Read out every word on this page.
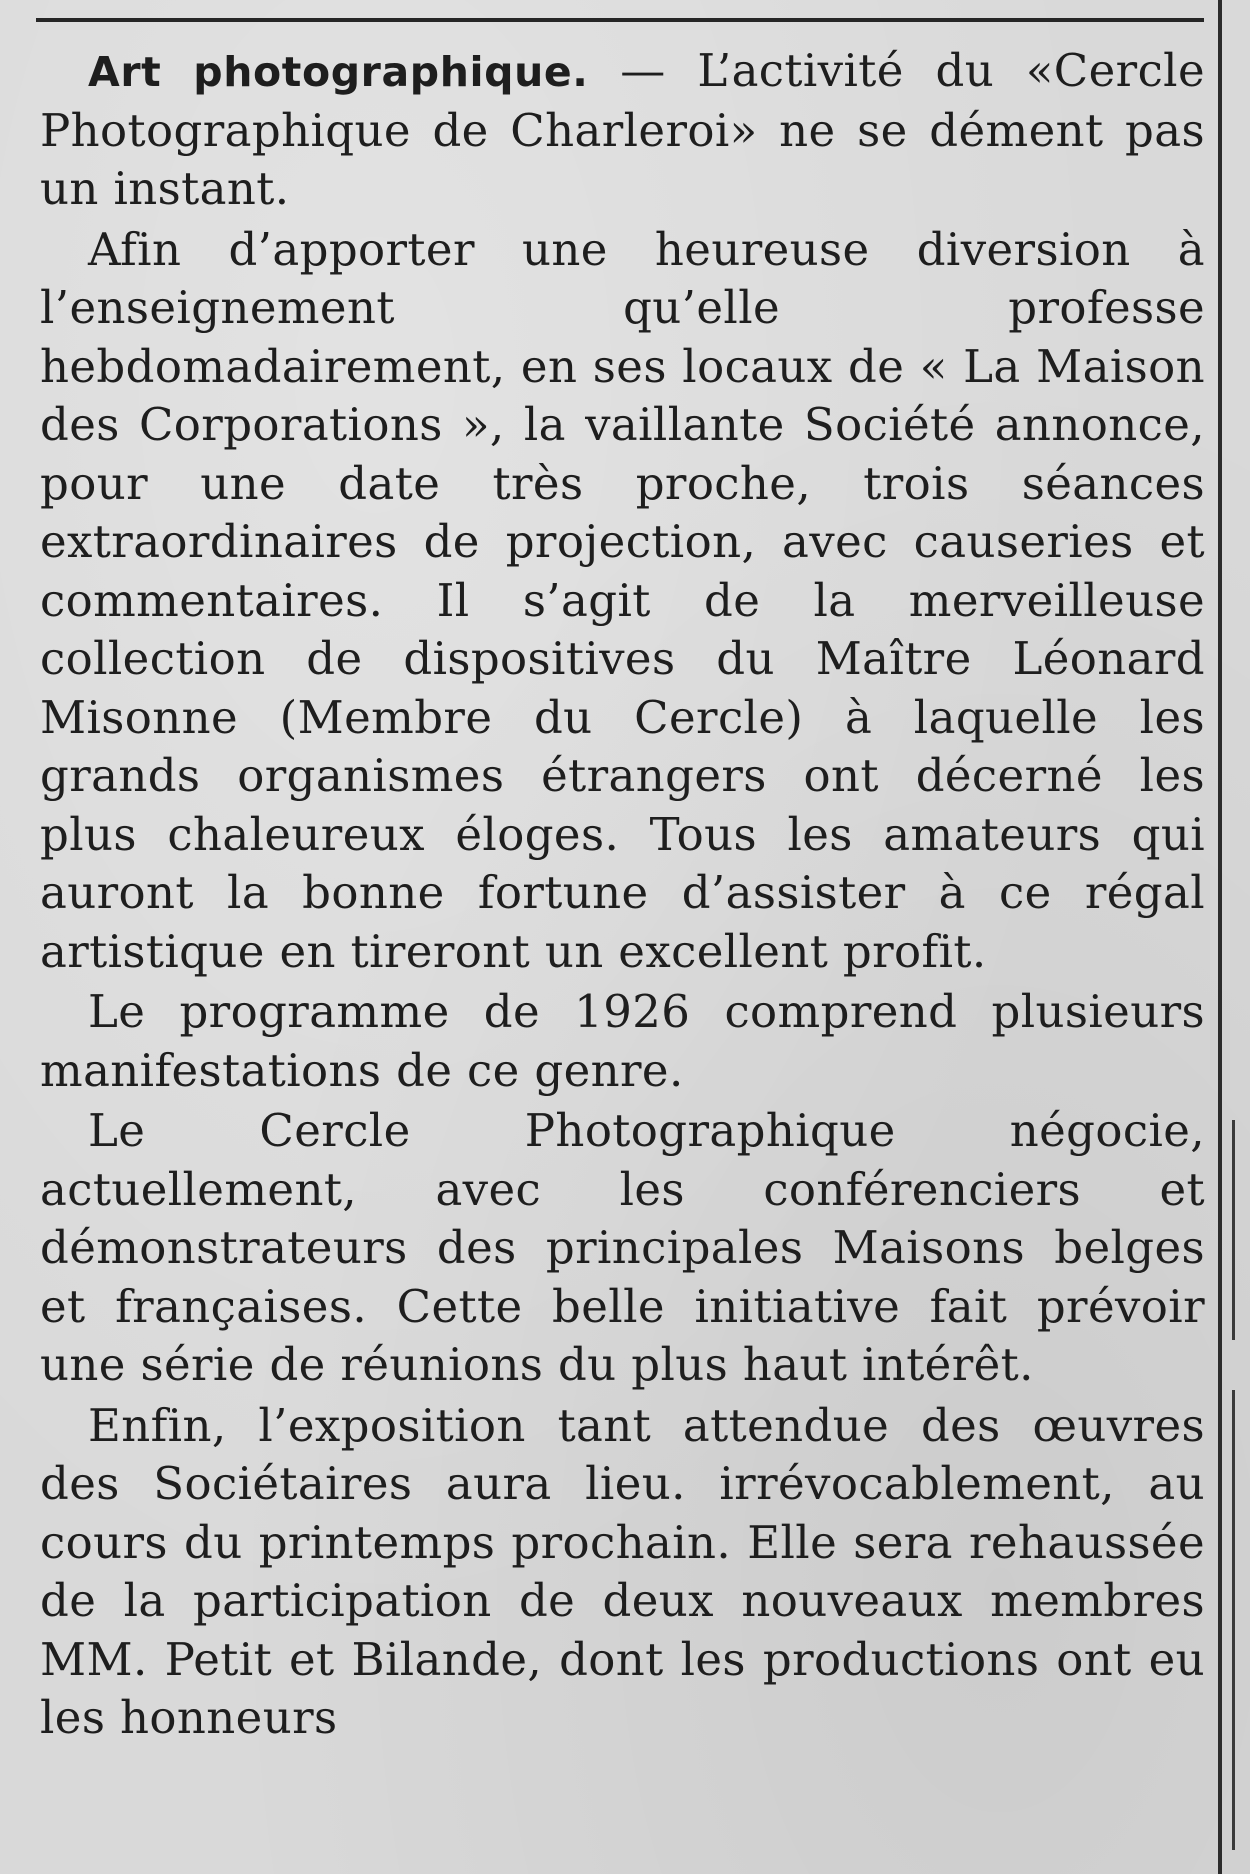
Art photographique. — L’activité du «Cercle Photographique de Charleroi» ne se dément pas un instant.

Afin d’apporter une heureuse diversion à l’enseignement qu’elle professe hebdomadairement, en ses locaux de « La Maison des Corporations », la vaillante Société annonce, pour une date très proche, trois séances extraordinaires de projection, avec causeries et commentaires. Il s’agit de la merveilleuse collection de dispositives du Maître Léonard Misonne (Membre du Cercle) à laquelle les grands organismes étrangers ont décerné les plus chaleureux éloges. Tous les amateurs qui auront la bonne fortune d’assister à ce régal artistique en tireront un excellent profit.

Le programme de 1926 comprend plusieurs manifestations de ce genre.

Le Cercle Photographique négocie, actuellement, avec les conférenciers et démonstrateurs des principales Maisons belges et françaises. Cette belle initiative fait prévoir une série de réunions du plus haut intérêt.

Enfin, l’exposition tant attendue des œuvres des Sociétaires aura lieu. irrévocablement, au cours du printemps prochain. Elle sera rehaussée de la participation de deux nouveaux membres MM. Petit et Bilande, dont les productions ont eu les honneurs
